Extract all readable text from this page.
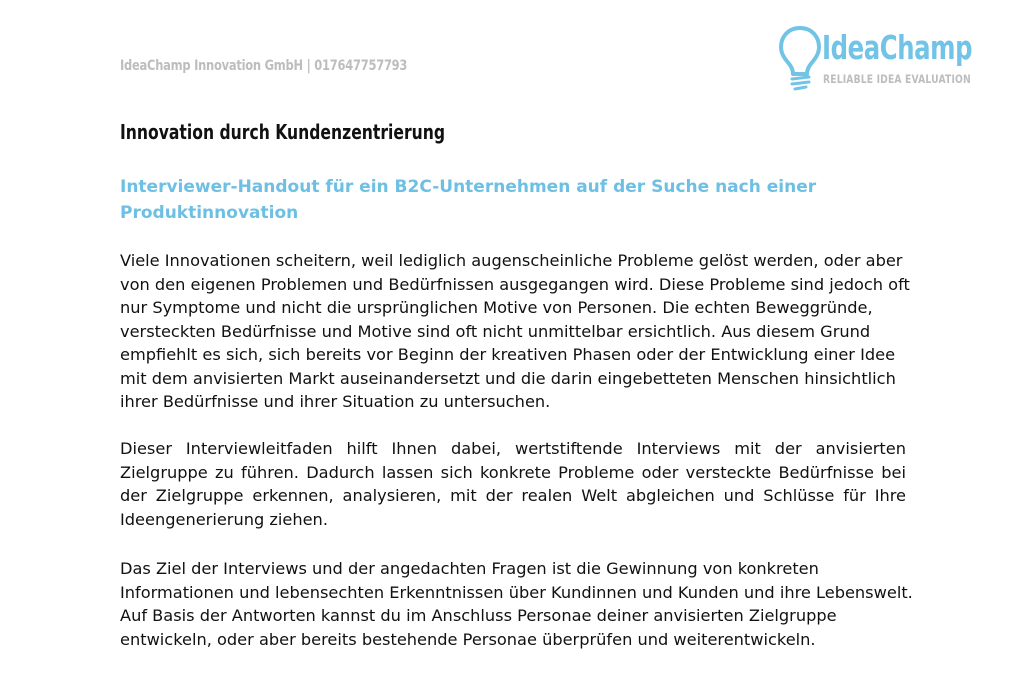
IdeaChamp Innovation GmbH | 017647757793	IdeaChamp
RELIABLE IDEA EVALUATION
Innovation durch Kundenzentrierung
Interviewer-Handout für ein B2C-Unternehmen auf der Suche nach einer Produktinnovation
Viele Innovationen scheitern, weil lediglich augenscheinliche Probleme gelöst werden, oder aber von den eigenen Problemen und Bedürfnissen ausgegangen wird. Diese Probleme sind jedoch oft nur Symptome und nicht die ursprünglichen Motive von Personen. Die echten Beweggründe, versteckten Bedürfnisse und Motive sind oft nicht unmittelbar ersichtlich. Aus diesem Grund empfiehlt es sich, sich bereits vor Beginn der kreativen Phasen oder der Entwicklung einer Idee mit dem anvisierten Markt auseinandersetzt und die darin eingebetteten Menschen hinsichtlich ihrer Bedürfnisse und ihrer Situation zu untersuchen.
Dieser Interviewleitfaden hilft Ihnen dabei, wertstiftende Interviews mit der anvisierten Zielgruppe zu führen. Dadurch lassen sich konkrete Probleme oder versteckte Bedürfnisse bei der Zielgruppe erkennen, analysieren, mit der realen Welt abgleichen und Schlüsse für Ihre Ideengenerierung ziehen.
Das Ziel der Interviews und der angedachten Fragen ist die Gewinnung von konkreten Informationen und lebensechten Erkenntnissen über Kundinnen und Kunden und ihre Lebenswelt. Auf Basis der Antworten kannst du im Anschluss Personae deiner anvisierten Zielgruppe entwickeln, oder aber bereits bestehende Personae überprüfen und weiterentwickeln.
